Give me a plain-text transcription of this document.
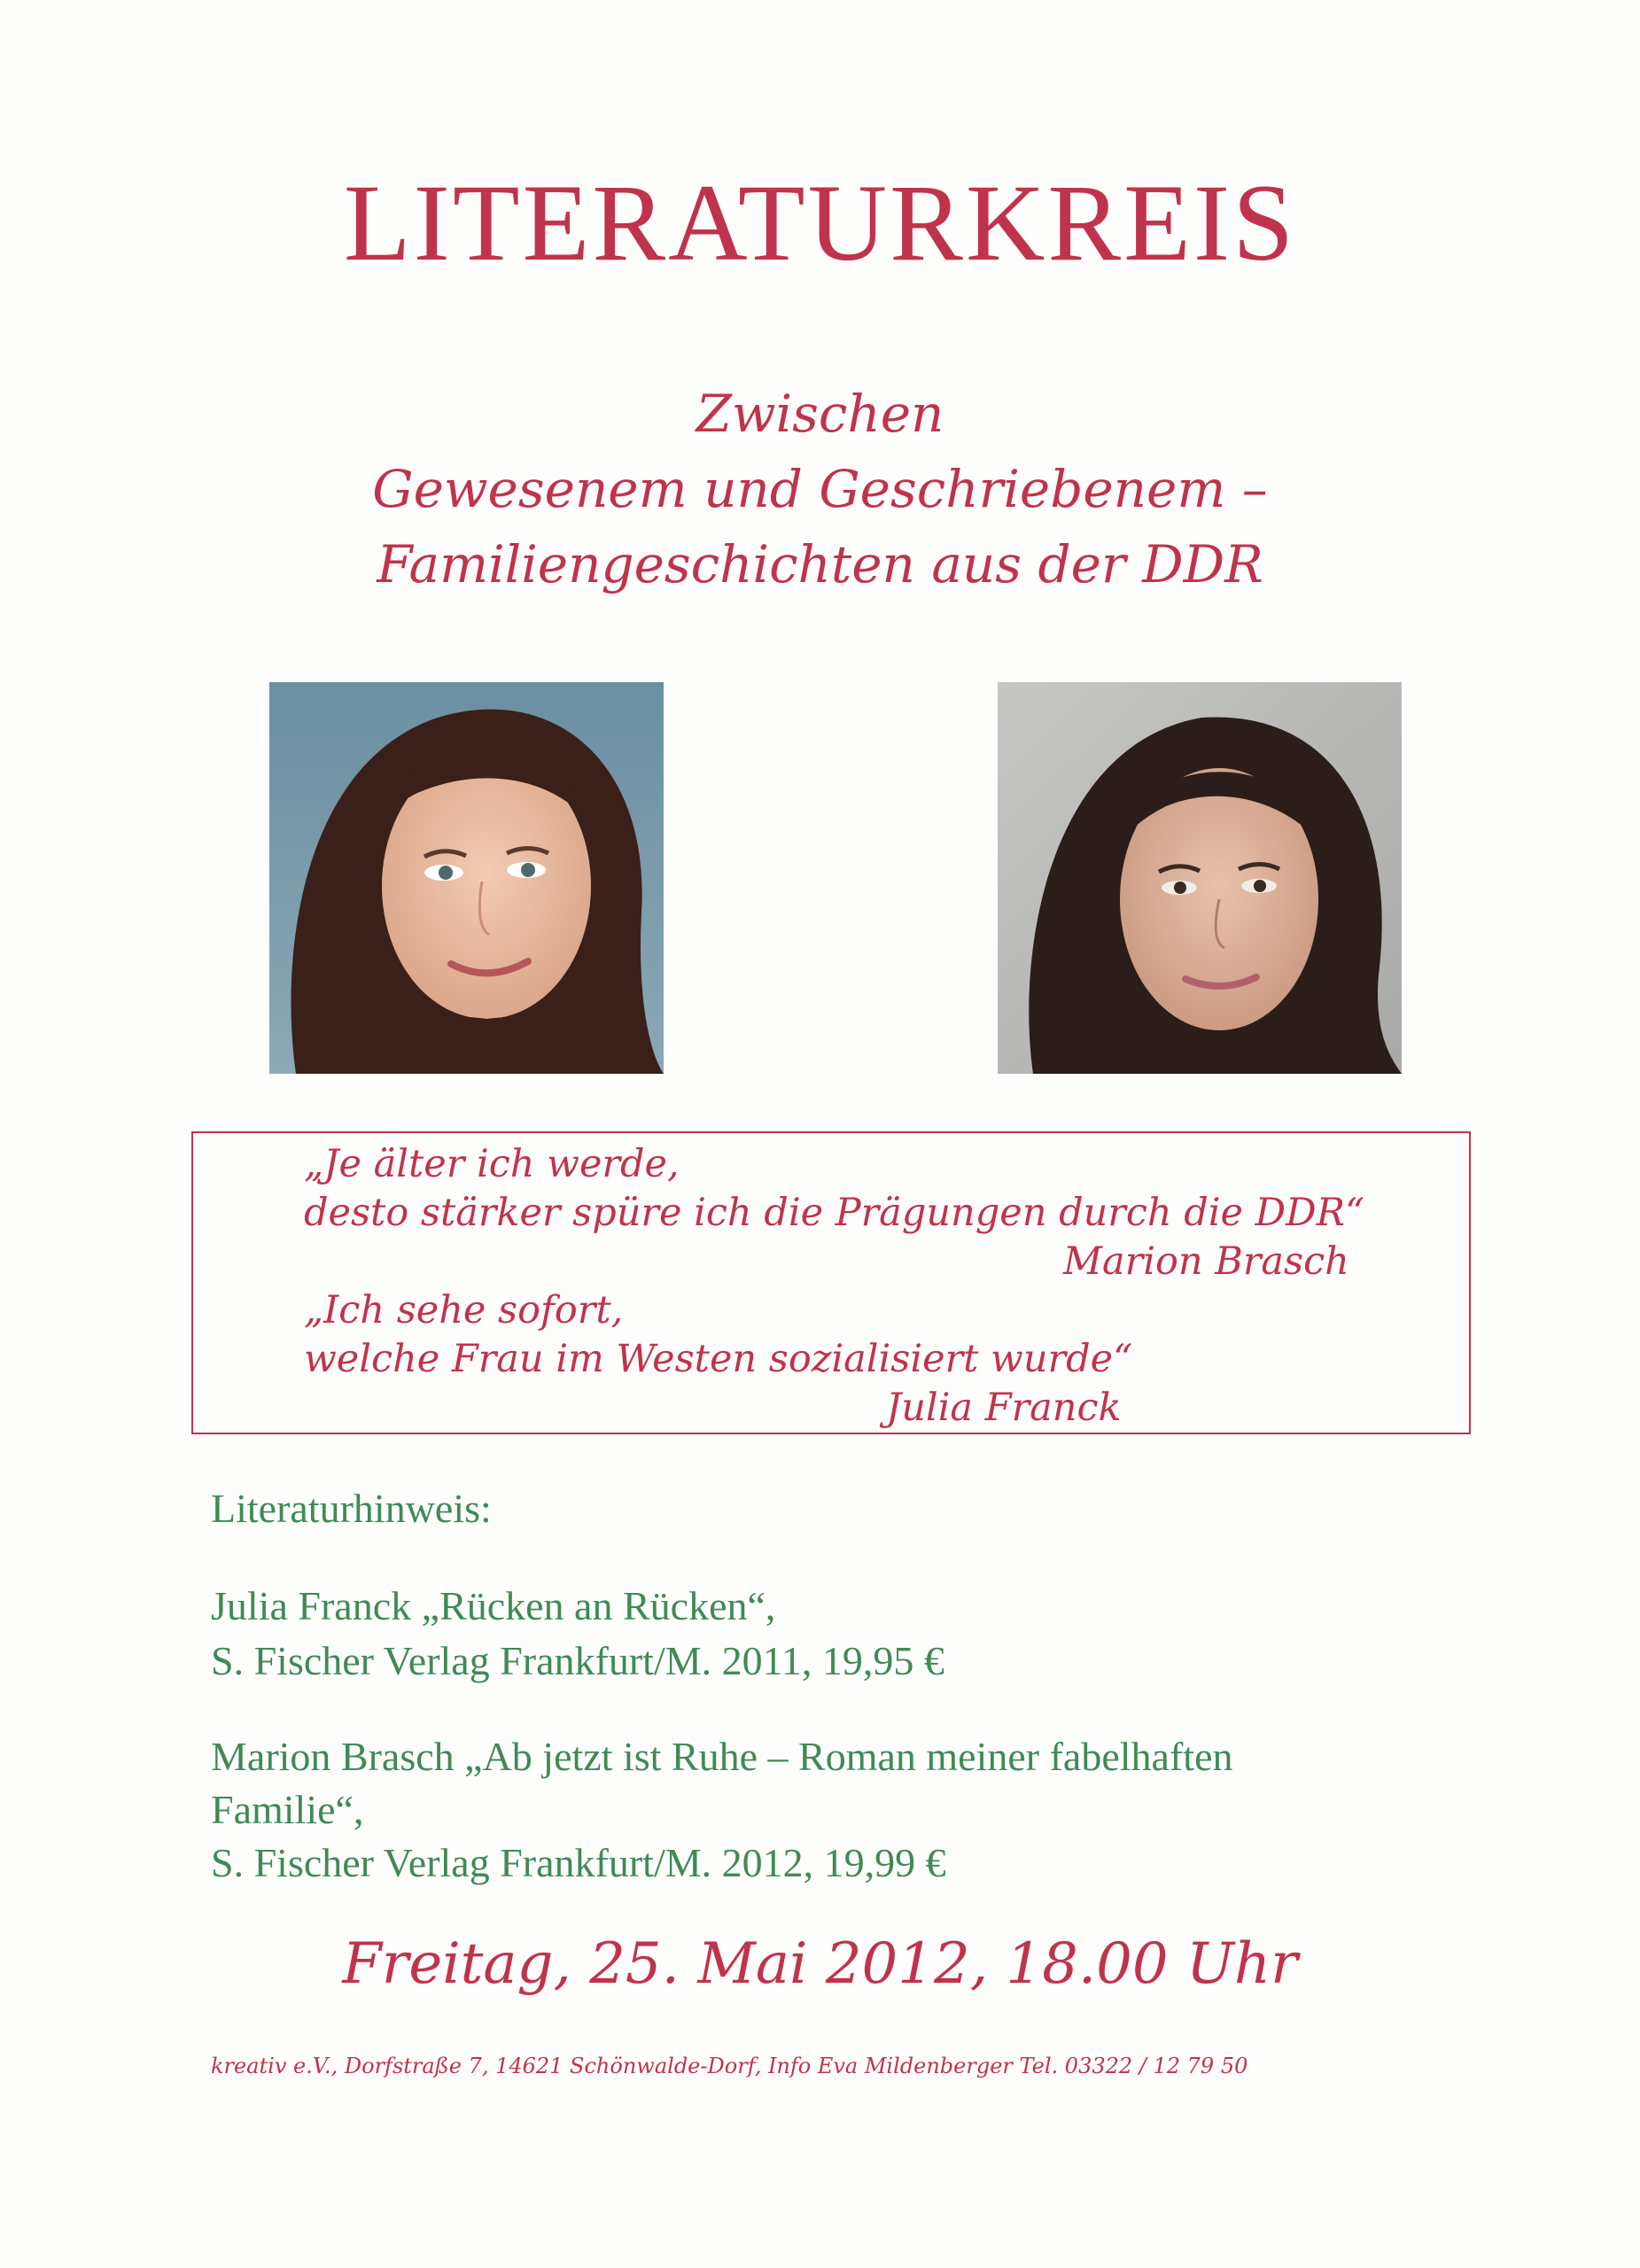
LITERATURKREIS
Zwischen
Gewesenem und Geschriebenem –
Familiengeschichten aus der DDR
„Je älter ich werde,
desto stärker spüre ich die Prägungen durch die DDR“
Marion Brasch
„Ich sehe sofort,
welche Frau im Westen sozialisiert wurde“
Julia Franck
Literaturhinweis:
Julia Franck „Rücken an Rücken“,
S. Fischer Verlag Frankfurt/M. 2011, 19,95 €
Marion Brasch „Ab jetzt ist Ruhe – Roman meiner fabelhaften
Familie“,
S. Fischer Verlag Frankfurt/M. 2012, 19,99 €
Freitag, 25. Mai 2012, 18.00 Uhr
kreativ e.V., Dorfstraße 7, 14621 Schönwalde-Dorf, Info Eva Mildenberger Tel. 03322 / 12 79 50
